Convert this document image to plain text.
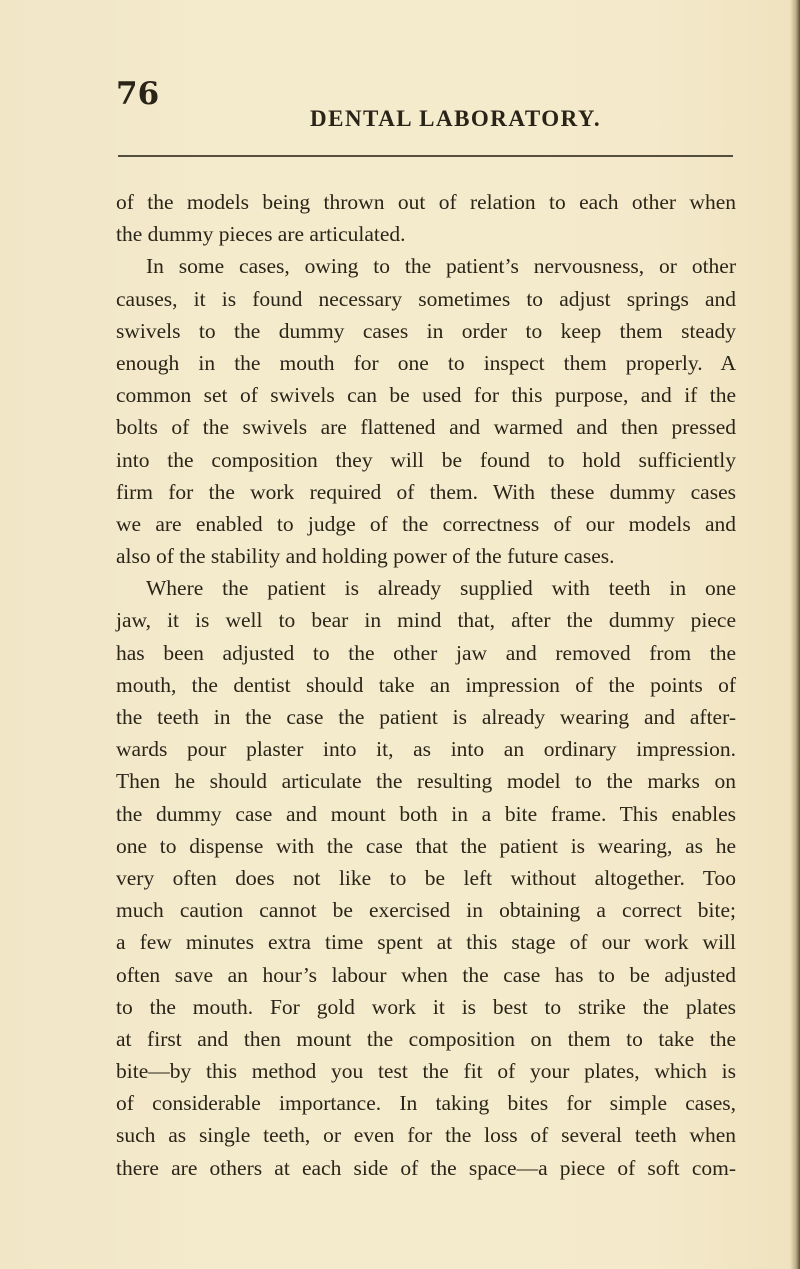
76
DENTAL LABORATORY.
of the models being thrown out of relation to each other when
the dummy pieces are articulated.
In some cases, owing to the patient’s nervousness, or other
causes, it is found necessary sometimes to adjust springs and
swivels to the dummy cases in order to keep them steady
enough in the mouth for one to inspect them properly. A
common set of swivels can be used for this purpose, and if the
bolts of the swivels are flattened and warmed and then pressed
into the composition they will be found to hold sufficiently
firm for the work required of them. With these dummy cases
we are enabled to judge of the correctness of our models and
also of the stability and holding power of the future cases.
Where the patient is already supplied with teeth in one
jaw, it is well to bear in mind that, after the dummy piece
has been adjusted to the other jaw and removed from the
mouth, the dentist should take an impression of the points of
the teeth in the case the patient is already wearing and after-
wards pour plaster into it, as into an ordinary impression.
Then he should articulate the resulting model to the marks on
the dummy case and mount both in a bite frame. This enables
one to dispense with the case that the patient is wearing, as he
very often does not like to be left without altogether. Too
much caution cannot be exercised in obtaining a correct bite;
a few minutes extra time spent at this stage of our work will
often save an hour’s labour when the case has to be adjusted
to the mouth. For gold work it is best to strike the plates
at first and then mount the composition on them to take the
bite—by this method you test the fit of your plates, which is
of considerable importance. In taking bites for simple cases,
such as single teeth, or even for the loss of several teeth when
there are others at each side of the space—a piece of soft com-
